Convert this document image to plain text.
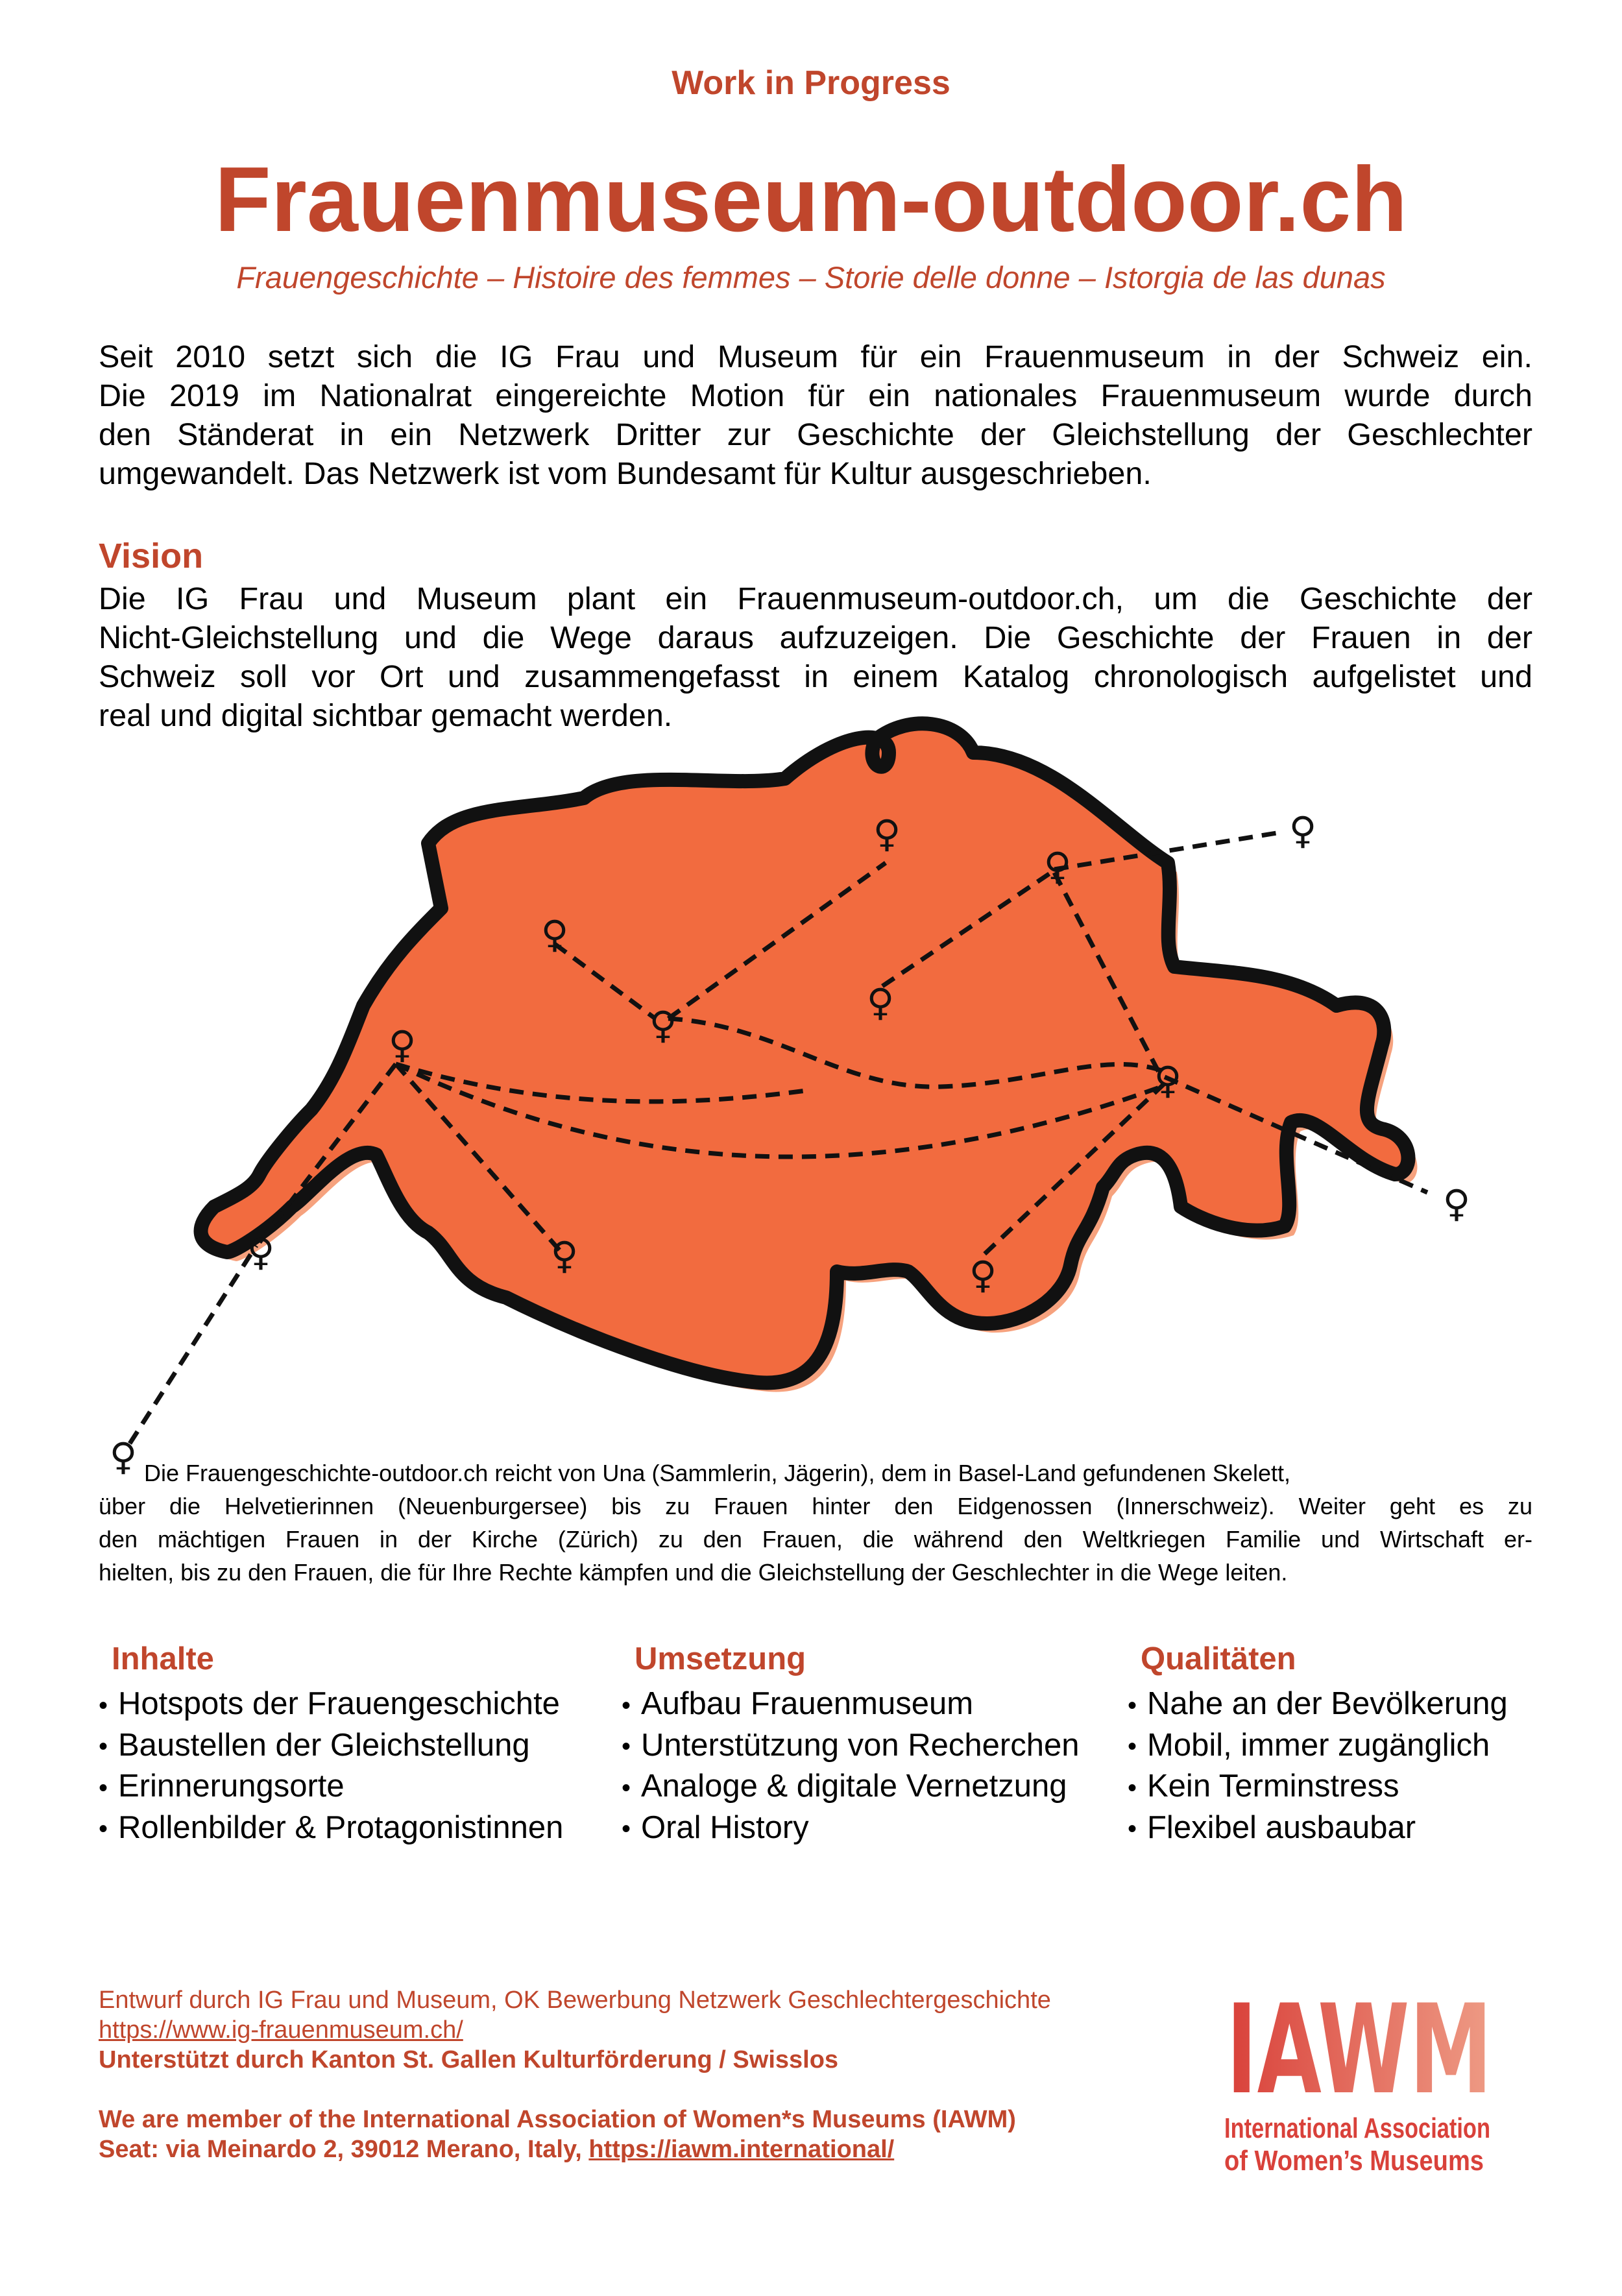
Work in Progress
Frauenmuseum-outdoor.ch
Frauengeschichte – Histoire des femmes – Storie delle donne – Istorgia de las dunas
Seit 2010 setzt sich die IG Frau und Museum für ein Frauenmuseum in der Schweiz ein.
Die 2019 im Nationalrat eingereichte Motion für ein nationales Frauenmuseum wurde durch
den Ständerat in ein Netzwerk Dritter zur Geschichte der Gleichstellung der Geschlechter
umgewandelt. Das Netzwerk ist vom Bundesamt für Kultur ausgeschrieben.
Vision
Die IG Frau und Museum plant ein Frauenmuseum-outdoor.ch, um die Geschichte der
Nicht-Gleichstellung und die Wege daraus aufzuzeigen. Die Geschichte der Frauen in der
Schweiz soll vor Ort und zusammengefasst in einem Katalog chronologisch aufgelistet und
real und digital sichtbar gemacht werden.
♀	♀
♀
♀
♀
♀
♀
♀
♀
♀	♀	♀
♀ Die Frauengeschichte-outdoor.ch reicht von Una (Sammlerin, Jägerin), dem in Basel-Land gefundenen Skelett,
über die Helvetierinnen (Neuenburgersee) bis zu Frauen hinter den Eidgenossen (Innerschweiz). Weiter geht es zu
den mächtigen Frauen in der Kirche (Zürich) zu den Frauen, die während den Weltkriegen Familie und Wirtschaft er-
hielten, bis zu den Frauen, die für Ihre Rechte kämpfen und die Gleichstellung der Geschlechter in die Wege leiten.
Inhalte
• Hotspots der Frauengeschichte
• Baustellen der Gleichstellung
• Erinnerungsorte
• Rollenbilder & Protagonistinnen
Umsetzung
• Aufbau Frauenmuseum
• Unterstützung von Recherchen
• Analoge & digitale Vernetzung
• Oral History
Qualitäten
• Nahe an der Bevölkerung
• Mobil, immer zugänglich
• Kein Terminstress
• Flexibel ausbaubar
Entwurf durch IG Frau und Museum, OK Bewerbung Netzwerk Geschlechtergeschichte
https://www.ig-frauenmuseum.ch/
Unterstützt durch Kanton St. Gallen Kulturförderung / Swisslos
We are member of the International Association of Women*s Museums (IAWM)
Seat: via Meinardo 2, 39012 Merano, Italy, https://iawm.international/
IAWM
International Association
of Women’s Museums
